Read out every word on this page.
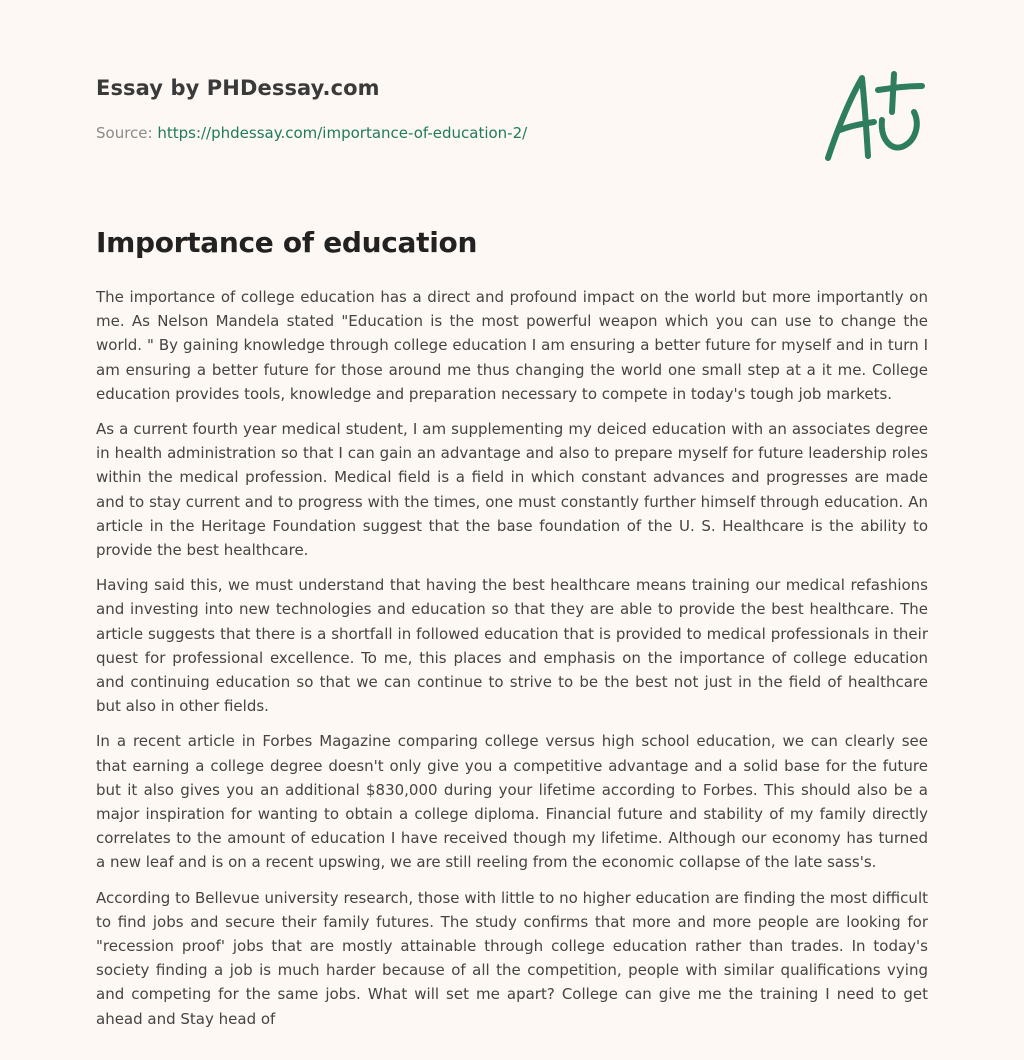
Essay by PHDessay.com
Source: https://phdessay.com/importance-of-education-2/
Importance of education

The importance of college education has a direct and profound impact on the world but more importantly on me. As Nelson Mandela stated "Education is the most powerful weapon which you can use to change the world. " By gaining knowledge through college education I am ensuring a better future for myself and in turn I am ensuring a better future for those around me thus changing the world one small step at a it me. College education provides tools, knowledge and preparation necessary to compete in today's tough job markets.

As a current fourth year medical student, I am supplementing my deiced education with an associates degree in health administration so that I can gain an advantage and also to prepare myself for future leadership roles within the medical profession. Medical field is a field in which constant advances and progresses are made and to stay current and to progress with the times, one must constantly further himself through education. An article in the Heritage Foundation suggest that the base foundation of the U. S. Healthcare is the ability to provide the best healthcare.

Having said this, we must understand that having the best healthcare means training our medical refashions and investing into new technologies and education so that they are able to provide the best healthcare. The article suggests that there is a shortfall in followed education that is provided to medical professionals in their quest for professional excellence. To me, this places and emphasis on the importance of college education and continuing education so that we can continue to strive to be the best not just in the field of healthcare but also in other fields.

In a recent article in Forbes Magazine comparing college versus high school education, we can clearly see that earning a college degree doesn't only give you a competitive advantage and a solid base for the future but it also gives you an additional $830,000 during your lifetime according to Forbes. This should also be a major inspiration for wanting to obtain a college diploma. Financial future and stability of my family directly correlates to the amount of education I have received though my lifetime. Although our economy has turned a new leaf and is on a recent upswing, we are still reeling from the economic collapse of the late sass's.

According to Bellevue university research, those with little to no higher education are finding the most difficult to find jobs and secure their family futures. The study confirms that more and more people are looking for "recession proof' jobs that are mostly attainable through college education rather than trades. In today's society finding a job is much harder because of all the competition, people with similar qualifications vying and competing for the same jobs. What will set me apart? College can give me the training I need to get ahead and Stay head of
